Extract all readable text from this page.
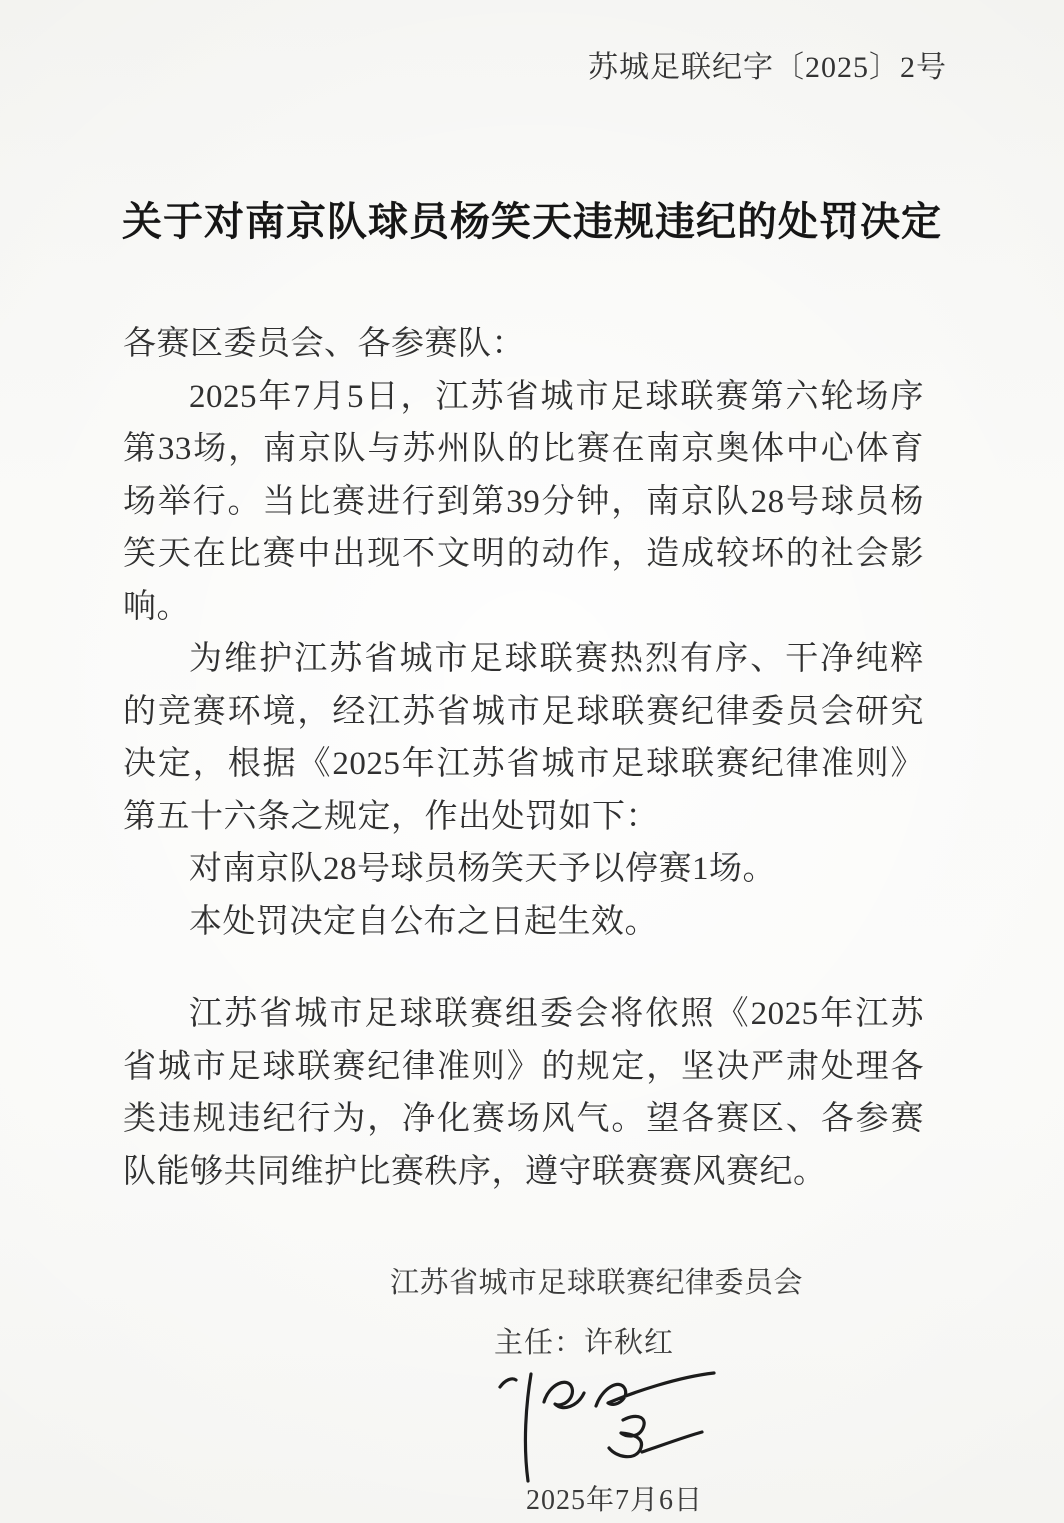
苏城足联纪字〔2025〕2号
关于对南京队球员杨笑天违规违纪的处罚决定

各赛区委员会、各参赛队：

2025年7月5日，江苏省城市足球联赛第六轮场序第33场，南京队与苏州队的比赛在南京奥体中心体育场举行。当比赛进行到第39分钟，南京队28号球员杨笑天在比赛中出现不文明的动作，造成较坏的社会影响。

为维护江苏省城市足球联赛热烈有序、干净纯粹的竞赛环境，经江苏省城市足球联赛纪律委员会研究决定，根据《2025年江苏省城市足球联赛纪律准则》第五十六条之规定，作出处罚如下：

对南京队28号球员杨笑天予以停赛1场。

本处罚决定自公布之日起生效。

江苏省城市足球联赛组委会将依照《2025年江苏省城市足球联赛纪律准则》的规定，坚决严肃处理各类违规违纪行为，净化赛场风气。望各赛区、各参赛队能够共同维护比赛秩序，遵守联赛赛风赛纪。

江苏省城市足球联赛纪律委员会
主任：许秋红
2025年7月6日
